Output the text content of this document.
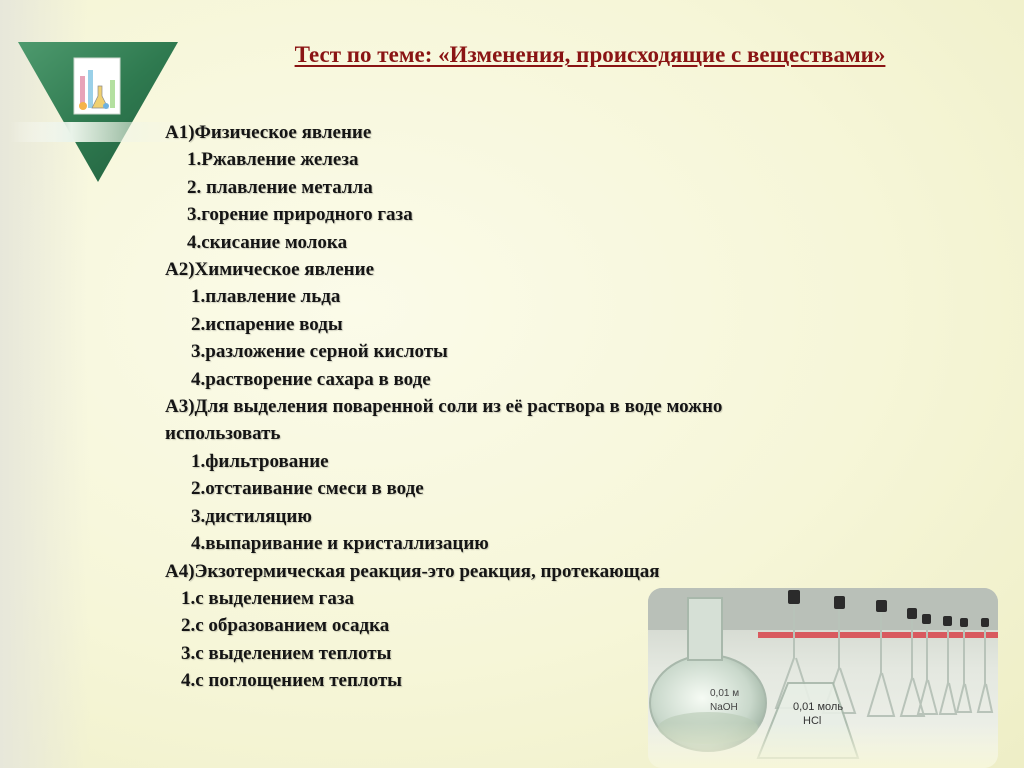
Тест по теме: «Изменения, происходящие с веществами»

А1)Физическое явление

1.Ржавление железа

2. плавление металла

3.горение природного газа

4.скисание молока

А2)Химическое явление

1.плавление льда

2.испарение воды

3.разложение серной кислоты

4.растворение сахара в воде

А3)Для выделения поваренной соли из её раствора в воде можно использовать

1.фильтрование

2.отстаивание смеси в воде

3.дистиляцию

4.выпаривание и кристаллизацию

А4)Экзотермическая реакция-это реакция, протекающая

1.с выделением газа

2.с образованием осадка

3.с выделением теплоты

4.с поглощением теплоты
